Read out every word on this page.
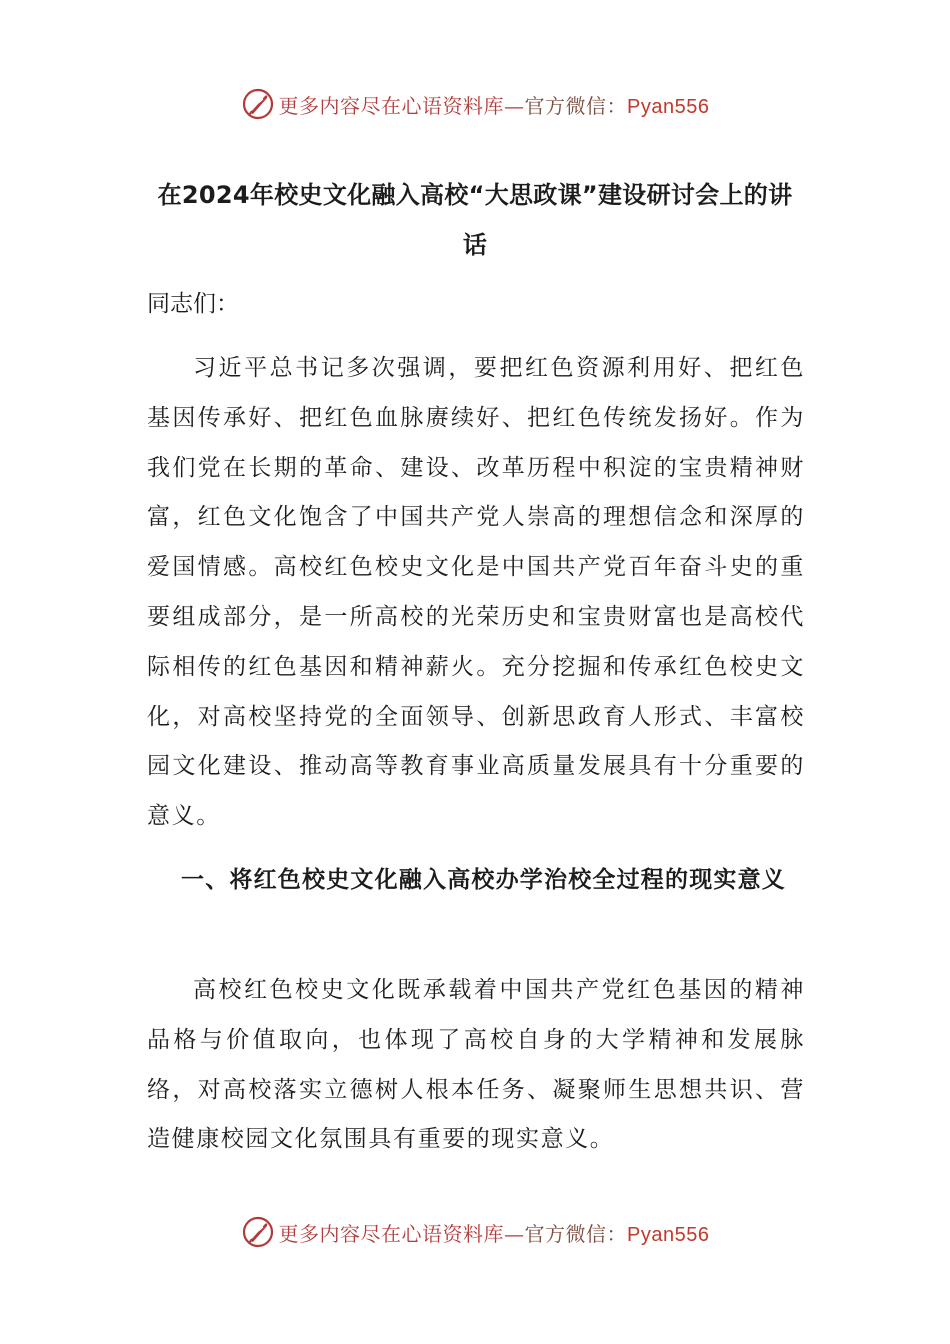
更多内容尽在心语资料库—官方微信：Pyan556
在2024年校史文化融入高校“大思政课”建设研讨会上的讲话

同志们：

习近平总书记多次强调，要把红色资源利用好、把红色基因传承好、把红色血脉赓续好、把红色传统发扬好。作为我们党在长期的革命、建设、改革历程中积淀的宝贵精神财富，红色文化饱含了中国共产党人崇高的理想信念和深厚的爱国情感。高校红色校史文化是中国共产党百年奋斗史的重要组成部分，是一所高校的光荣历史和宝贵财富也是高校代际相传的红色基因和精神薪火。充分挖掘和传承红色校史文化，对高校坚持党的全面领导、创新思政育人形式、丰富校园文化建设、推动高等教育事业高质量发展具有十分重要的意义。

一、将红色校史文化融入高校办学治校全过程的现实意义

高校红色校史文化既承载着中国共产党红色基因的精神品格与价值取向，也体现了高校自身的大学精神和发展脉络，对高校落实立德树人根本任务、凝聚师生思想共识、营造健康校园文化氛围具有重要的现实意义。

更多内容尽在心语资料库—官方微信：Pyan556
